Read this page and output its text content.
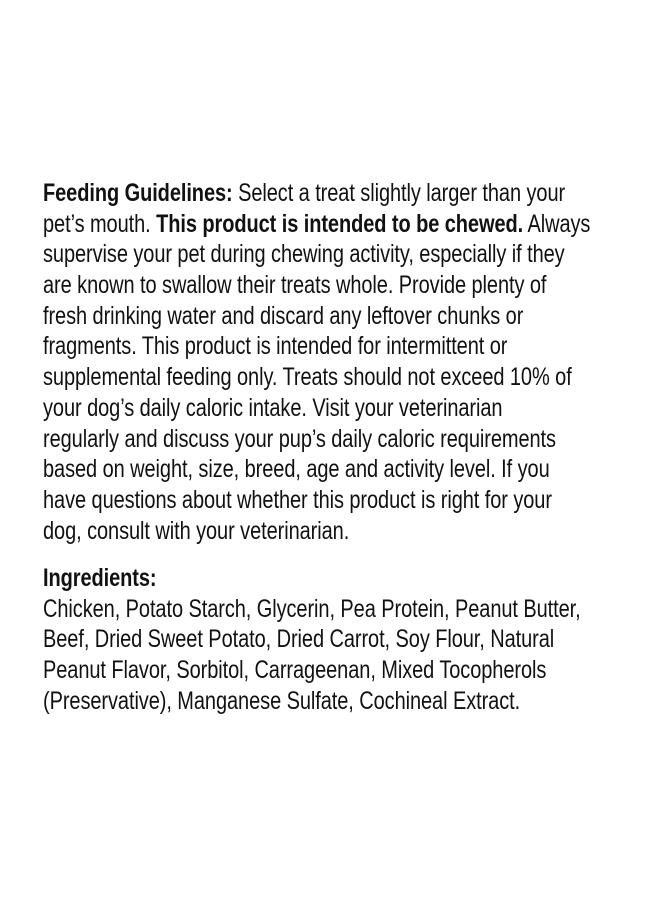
Feeding Guidelines: Select a treat slightly larger than your
pet’s mouth. This product is intended to be chewed. Always
supervise your pet during chewing activity, especially if they
are known to swallow their treats whole. Provide plenty of
fresh drinking water and discard any leftover chunks or
fragments. This product is intended for intermittent or
supplemental feeding only. Treats should not exceed 10% of
your dog’s daily caloric intake. Visit your veterinarian
regularly and discuss your pup’s daily caloric requirements
based on weight, size, breed, age and activity level. If you
have questions about whether this product is right for your
dog, consult with your veterinarian.
Ingredients:
Chicken, Potato Starch, Glycerin, Pea Protein, Peanut Butter,
Beef, Dried Sweet Potato, Dried Carrot, Soy Flour, Natural
Peanut Flavor, Sorbitol, Carrageenan, Mixed Tocopherols
(Preservative), Manganese Sulfate, Cochineal Extract.
